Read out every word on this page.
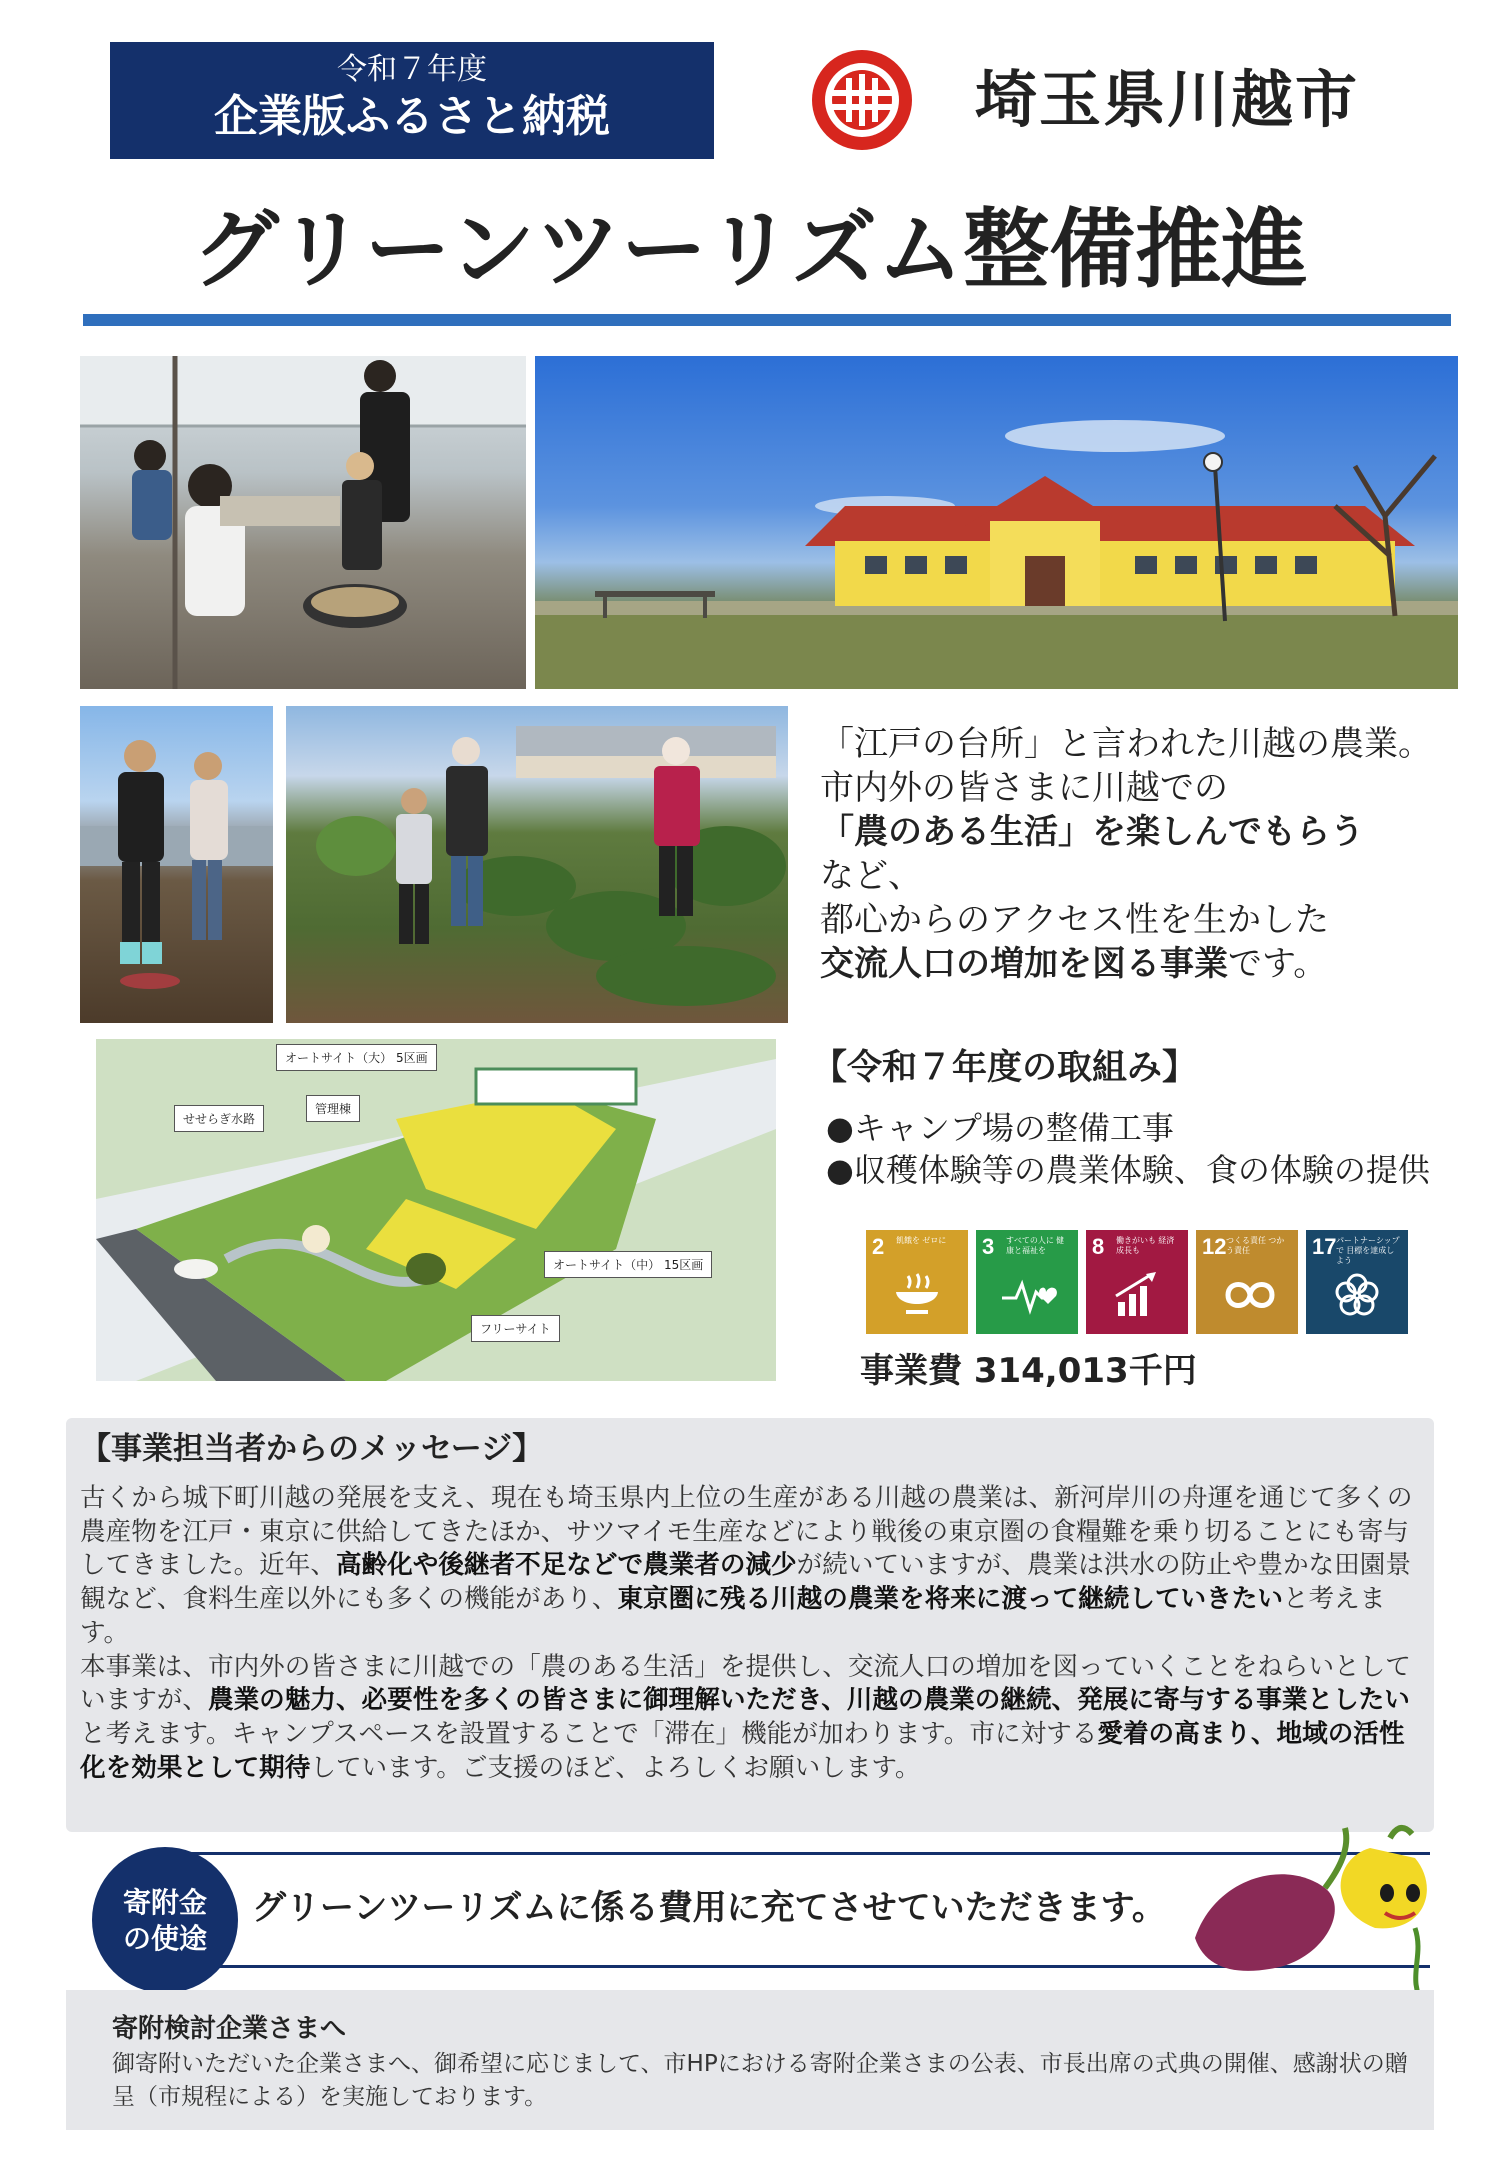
令和７年度
企業版ふるさと納税	埼玉県川越市
グリーンツーリズム整備推進
オートサイト（大） 5区画
管理棟
せせらぎ水路
オートサイト（中） 15区画
フリーサイト
「江戸の台所」と言われた川越の農業。
市内外の皆さまに川越での
「農のある生活」を楽しんでもらう
など、
都心からのアクセス性を生かした
交流人口の増加を図る事業です。
【令和７年度の取組み】
●キャンプ場の整備工事
●収穫体験等の農業体験、食の体験の提供
2 飢餓を ゼロに	3 すべての人に 健康と福祉を	8 働きがいも 経済成長も	12 つくる責任 つかう責任	17 パートナーシップで 目標を達成しよう
事業費 314,013千円
【事業担当者からのメッセージ】

古くから城下町川越の発展を支え、現在も埼玉県内上位の生産がある川越の農業は、新河岸川の舟運を通じて多くの農産物を江戸・東京に供給してきたほか、サツマイモ生産などにより戦後の東京圏の食糧難を乗り切ることにも寄与してきました。近年、高齢化や後継者不足などで農業者の減少が続いていますが、農業は洪水の防止や豊かな田園景観など、食料生産以外にも多くの機能があり、東京圏に残る川越の農業を将来に渡って継続していきたいと考えます。

本事業は、市内外の皆さまに川越での「農のある生活」を提供し、交流人口の増加を図っていくことをねらいとしていますが、農業の魅力、必要性を多くの皆さまに御理解いただき、川越の農業の継続、発展に寄与する事業としたいと考えます。キャンプスペースを設置することで「滞在」機能が加わります。市に対する愛着の高まり、地域の活性化を効果として期待しています。ご支援のほど、よろしくお願いします。

寄附金
の使途
グリーンツーリズムに係る費用に充てさせていただきます。
寄附検討企業さまへ
御寄附いただいた企業さまへ、御希望に応じまして、市HPにおける寄附企業さまの公表、市長出席の式典の開催、感謝状の贈呈（市規程による）を実施しております。
